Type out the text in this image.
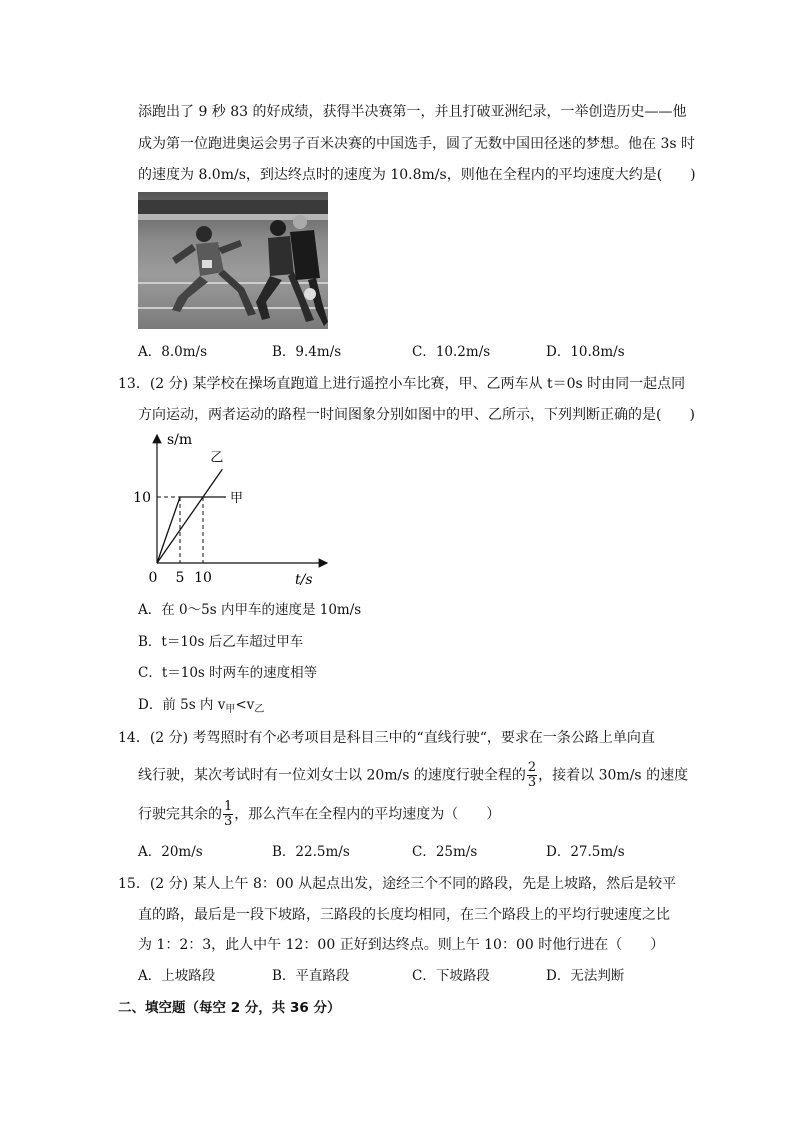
添跑出了 9 秒 83 的好成绩，获得半决赛第一，并且打破亚洲纪录，一举创造历史——他
成为第一位跑进奥运会男子百米决赛的中国选手，圆了无数中国田径迷的梦想。他在 3s 时
的速度为 8.0m/s，到达终点时的速度为 10.8m/s，则他在全程内的平均速度大约是(　　)
A．8.0m/s	B．9.4m/s	C．10.2m/s	D．10.8m/s
13．(2 分) 某学校在操场直跑道上进行遥控小车比赛，甲、乙两车从 t＝0s 时由同一起点同
方向运动，两者运动的路程一时间图象分别如图中的甲、乙所示，下列判断正确的是(　　)
s/m
t/s
0 5 10
10	甲
乙
A．在 0～5s 内甲车的速度是 10m/s
B．t＝10s 后乙车超过甲车
C．t＝10s 时两车的速度相等
D．前 5s 内 $v_甲<v_乙$
14．(2 分) 考驾照时有个必考项目是科目三中的“直线行驶“，要求在一条公路上单向直
线行驶，某次考试时有一位刘女士以 20m/s 的速度行驶全程的 $\frac{2}{3}$ ，接着以 30m/s 的速度
行驶完其余的 $\frac{1}{3}$ ，那么汽车在全程内的平均速度为（　　）
A．20m/s	B．22.5m/s	C．25m/s	D．27.5m/s
15．(2 分) 某人上午 8：00 从起点出发，途经三个不同的路段，先是上坡路，然后是较平
直的路，最后是一段下坡路，三路段的长度均相同，在三个路段上的平均行驶速度之比
为 1：2：3，此人中午 12：00 正好到达终点。则上午 10：00 时他行进在（　　）
A．上坡路段	B．平直路段	C．下坡路段	D．无法判断
二、填空题（每空 2 分，共 36 分）
